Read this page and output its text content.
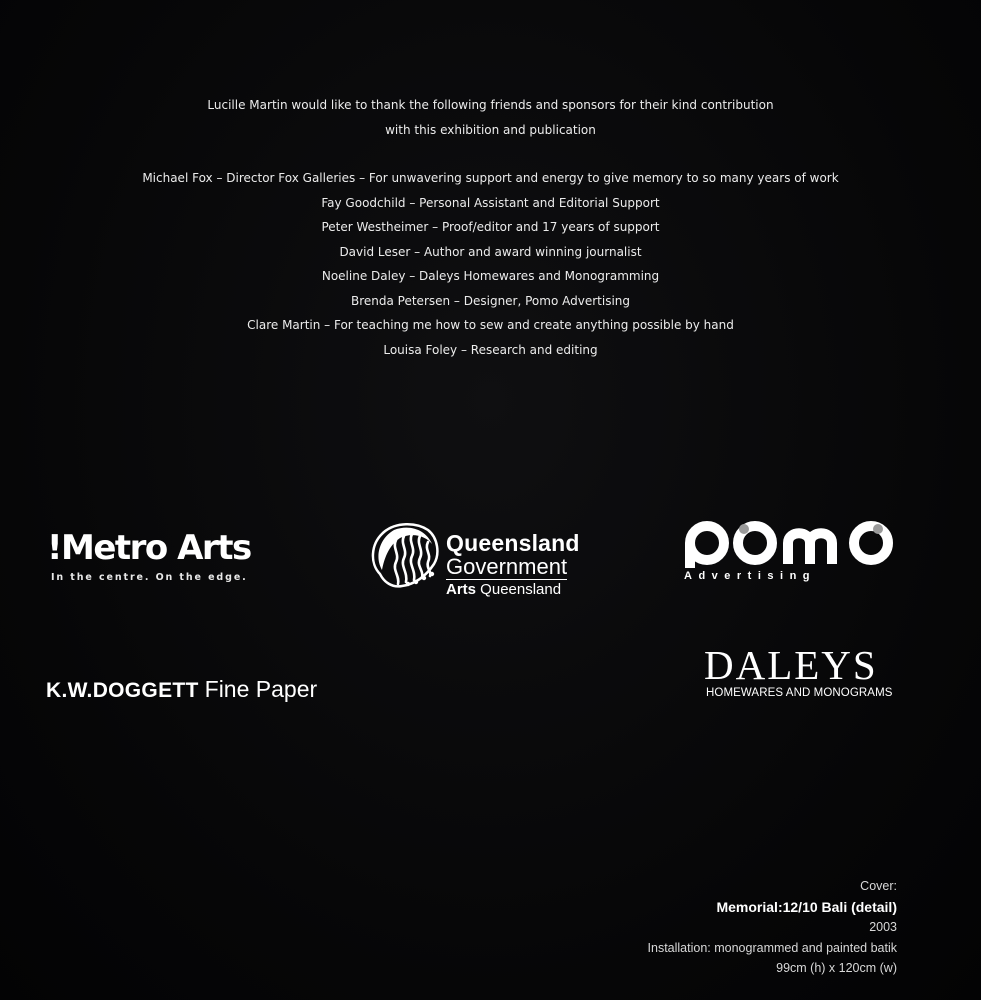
Lucille Martin would like to thank the following friends and sponsors for their kind contribution
with this exhibition and publication
Michael Fox – Director Fox Galleries – For unwavering support and energy to give memory to so many years of work
Fay Goodchild – Personal Assistant and Editorial Support
Peter Westheimer – Proof/editor and 17 years of support
David Leser – Author and award winning journalist
Noeline Daley – Daleys Homewares and Monogramming
Brenda Petersen – Designer, Pomo Advertising
Clare Martin – For teaching me how to sew and create anything possible by hand
Louisa Foley – Research and editing
!Metro Arts
In the centre. On the edge.
Queensland
Government
Arts Queensland
Advertising
K.W.DOGGETT Fine Paper
DALEYS
HOMEWARES AND MONOGRAMS
Cover:
Memorial:12/10 Bali (detail)
2003
Installation: monogrammed and painted batik
99cm (h) x 120cm (w)
